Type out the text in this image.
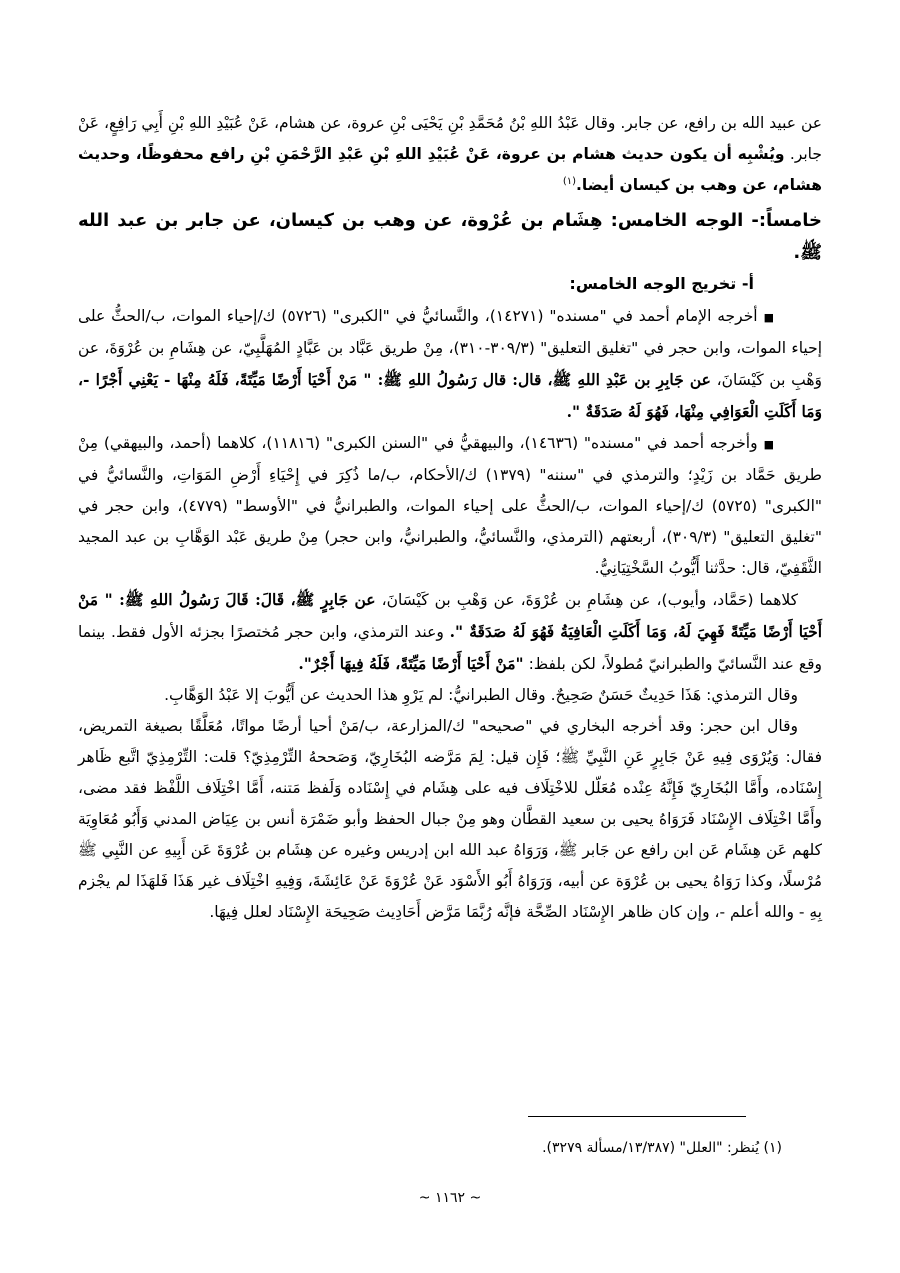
عن عبيد الله بن رافع، عن جابر. وقال عَبْدُ اللهِ بْنُ مُحَمَّدِ بْنِ يَحْيَى بْنِ عروة، عن هشام، عَنْ عُبَيْدِ اللهِ بْنِ أَبِي رَافِعٍ، عَنْ جابر. ويُشْبِه أن يكون حديث هشام بن عروة، عَنْ عُبَيْدِ اللهِ بْنِ عَبْدِ الرَّحْمَنِ بْنِ رافع محفوظًا، وحديث هشام، عن وهب بن كيسان أيضا.$^{(١)}$

خامساً:- الوجه الخامس: هِشَام بن عُرْوة، عن وهب بن كيسان، عن جابر بن عبد الله ﷺ.

أ- تخريج الوجه الخامس:

■أخرجه الإمام أحمد في "مسنده" (١٤٢٧١)، والنَّسائيُّ في "الكبرى" (٥٧٢٦) ك/إحياء الموات، ب/الحثُّ على إحياء الموات، وابن حجر في "تغليق التعليق" (٣٠٩/٣-٣١٠)، مِنْ طريق عَبَّاد بن عَبَّادٍ المُهَلَّبِيّ، عن هِشَامِ بن عُرْوَةَ، عن وَهْبِ بن كَيْسَانَ، عن جَابِرِ بن عَبْدِ اللهِ ﷺ، قال: قال رَسُولُ اللهِ ﷺ: " مَنْ أَحْيَا أَرْضًا مَيِّتَةً، فَلَهُ مِنْهَا - يَعْنِي أَجْرًا -، وَمَا أَكَلَتِ الْعَوَافِي مِنْهَا، فَهُوَ لَهُ صَدَقَةٌ ".

■وأخرجه أحمد في "مسنده" (١٤٦٣٦)، والبيهقيُّ في "السنن الكبرى" (١١٨١٦)، كلاهما (أحمد، والبيهقي) مِنْ طريق حَمَّاد بن زَيْدٍ؛ والترمذي في "سننه" (١٣٧٩) ك/الأحكام، ب/ما ذُكِرَ في إِحْيَاءِ أَرْضِ المَوَاتِ، والنَّسائيُّ في "الكبرى" (٥٧٢٥) ك/إحياء الموات، ب/الحثُّ على إحياء الموات، والطبرانيُّ في "الأوسط" (٤٧٧٩)، وابن حجر في "تغليق التعليق" (٣٠٩/٣)، أربعتهم (الترمذي، والنَّسائيُّ، والطبرانيُّ، وابن حجر) مِنْ طريق عَبْد الوَهَّابِ بن عبد المجيد الثَّقَفِيّ، قال: حدَّثنا أَيُّوبُ السَّخْتِيَانِيُّ.

كلاهما (حَمَّاد، وأيوب)، عن هِشَامِ بن عُرْوَةَ، عن وَهْبِ بن كَيْسَانَ، عن جَابِرٍ ﷺ، قَالَ: قَالَ رَسُولُ اللهِ ﷺ: " مَنْ أَحْيَا أَرْضًا مَيِّتَةً فَهِيَ لَهُ، وَمَا أَكَلَتِ الْعَافِيَةُ فَهُوَ لَهُ صَدَقَةٌ ". وعند الترمذي، وابن حجر مُختصرًا بجزئه الأول فقط. بينما وقع عند النَّسائيّ والطبرانيّ مُطولاً، لكن بلفظ: "مَنْ أَحْيَا أَرْضًا مَيِّتَةً، فَلَهُ فِيهَا أَجْرٌ".

وقال الترمذي: هَذَا حَدِيثٌ حَسَنٌ صَحِيحٌ. وقال الطبرانيُّ: لم يَرْوِ هذا الحديث عن أَيُّوبَ إلا عَبْدُ الوَهَّابِ.

وقال ابن حجر: وقد أخرجه البخاري في "صحيحه" ك/المزارعة، ب/مَنْ أحيا أرضًا مواتًا، مُعَلَّقًا بصيغة التمريض، فقال: وَيُرْوَى فِيهِ عَنْ جَابِرٍ عَنِ النَّبِيِّ ﷺ؛ فَإِن قيل: لِمَ مَرَّضه البُخَارِيّ، وَصَححهُ التِّرْمِذِيّ؟ قلت: التِّرْمِذِيّ اتَّبع ظَاهر إِسْنَاده، وأَمَّا البُخَارِيّ فَإِنَّهُ عِنْده مُعَلّل للاخْتِلَاف فيه على هِشَام في إِسْنَاده وَلَفظ مَتنه، أَمَّا اخْتِلَاف اللَّفْظ فقد مضى، وأَمَّا اخْتِلَاف الإِسْنَاد فَرَوَاهُ يحيى بن سعيد القطَّان وهو مِنْ جبال الحفظ وأبو ضَمْرَة أنس بن عِيَاض المدني وَأَبُو مُعَاوِيَة كلهم عَن هِشَام عَن ابن رافع عن جَابر ﷺ، وَرَوَاهُ عبد الله ابن إدريس وغيره عن هِشَام بن عُرْوَةَ عَن أَبِيهِ عن النَّبِي ﷺ مُرْسلًا، وكذا رَوَاهُ يحيى بن عُرْوَة عن أبيه، وَرَوَاهُ أَبُو الأَسْوَد عَنْ عُرْوَةَ عَنْ عَائِشَةَ، وَفِيهِ اخْتِلَاف غير هَذَا فَلهَذَا لم يجْزم بِهِ - والله أعلم -، وإن كان ظاهر الإِسْنَاد الصِّحَّة فإنَّه رُبَّمَا مَرَّض أَحَادِيث صَحِيحَة الإِسْنَاد لعلل فِيهَا.

(١) يُنظر: "العلل" (١٣/٣٨٧/مسألة ٣٢٧٩).
~ ١١٦٢ ~
